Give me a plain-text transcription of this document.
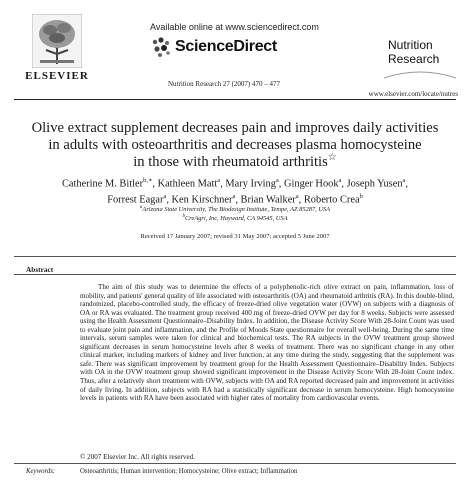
ELSEVIER
Available online at www.sciencedirect.com
ScienceDirect
Nutrition Research 27 (2007) 470 – 477
Nutrition
Research
www.elsevier.com/locate/nutres
Olive extract supplement decreases pain and improves daily activities
in adults with osteoarthritis and decreases plasma homocysteine
in those with rheumatoid arthritis☆
Catherine M. Bitler$^{b,∗}$, Kathleen Matt$^a$, Mary Irving$^a$, Ginger Hook$^a$, Joseph Yusen$^a$,
Forrest Eagar$^a$, Ken Kirschner$^a$, Brian Walker$^a$, Roberto Crea$^b$
$^a$Arizona State University, The Biodesign Institute, Tempe, AZ 85287, USA
$^b$CreAgri, Inc, Hayward, CA 94545, USA
Received 17 January 2007; revised 31 May 2007; accepted 5 June 2007
Abstract
The aim of this study was to determine the effects of a polyphenolic-rich olive extract on pain, inflammation, loss of mobility, and patients' general quality of life associated with osteoarthritis (OA) and rheumatoid arthritis (RA). In this double-blind, randomized, placebo-controlled study, the efficacy of freeze-dried olive vegetation water (OVW) on subjects with a diagnosis of OA or RA was evaluated. The treatment group received 400 mg of freeze-dried OVW per day for 8 weeks. Subjects were assessed using the Health Assessment Questionnaire–Disability Index. In addition, the Disease Activity Score With 28-Joint Count was used to evaluate joint pain and inflammation, and the Profile of Moods State questionnaire for overall well-being. During the same time intervals, serum samples were taken for clinical and biochemical tests. The RA subjects in the OVW treatment group showed significant decreases in serum homocysteine levels after 8 weeks of treatment. There was no significant change in any other clinical marker, including markers of kidney and liver function, at any time during the study, suggesting that the supplement was safe. There was significant improvement by treatment group for the Health Assessment Questionnaire–Disability Index. Subjects with OA in the OVW treatment group showed significant improvement in the Disease Activity Score With 28-Joint Count index. Thus, after a relatively short treatment with OVW, subjects with OA and RA reported decreased pain and improvement in activities of daily living. In addition, subjects with RA had a statistically significant decrease in serum homocysteine. High homocysteine levels in patients with RA have been associated with higher rates of mortality from cardiovascular events.
© 2007 Elsevier Inc. All rights reserved.
Keywords:	Osteoarthritis; Human intervention; Homocysteine; Olive extract; Inflammation
